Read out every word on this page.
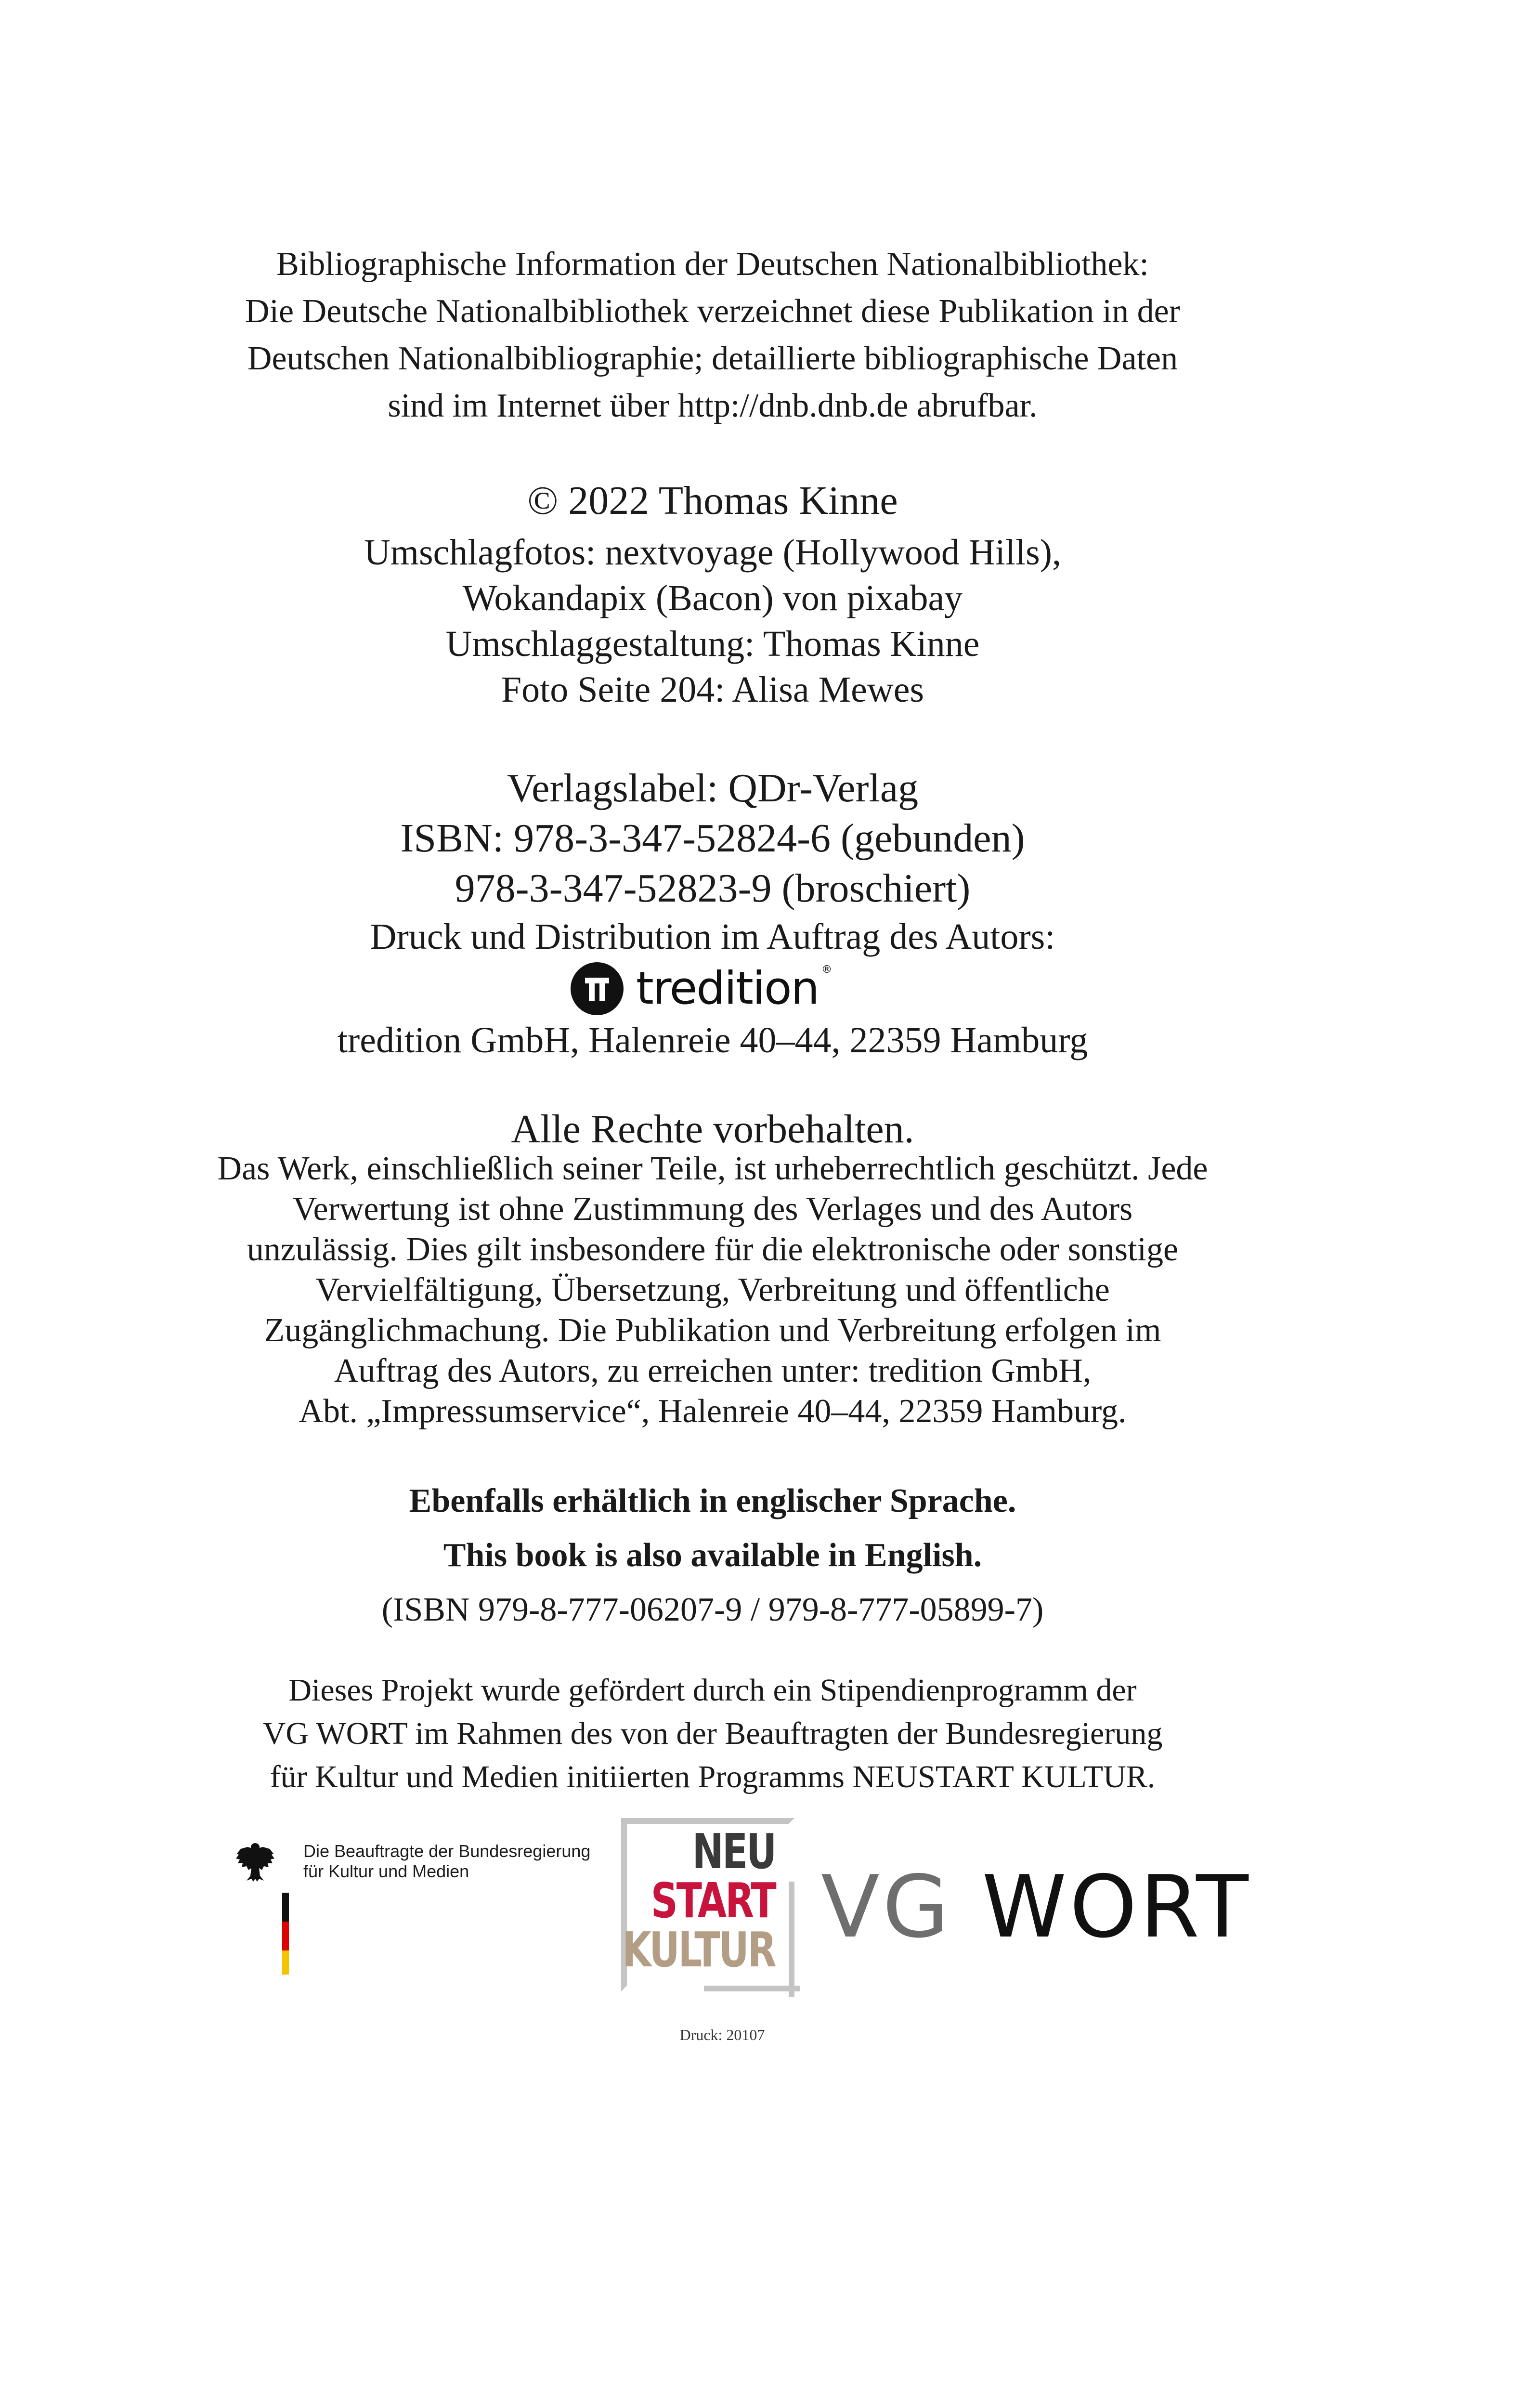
Bibliographische Information der Deutschen Nationalbibliothek:
Die Deutsche Nationalbibliothek verzeichnet diese Publikation in der
Deutschen Nationalbibliographie; detaillierte bibliographische Daten
sind im Internet über http://dnb.dnb.de abrufbar.
© 2022 Thomas Kinne
Umschlagfotos: nextvoyage (Hollywood Hills),
Wokandapix (Bacon) von pixabay
Umschlaggestaltung: Thomas Kinne
Foto Seite 204: Alisa Mewes
Verlagslabel: QDr-Verlag
ISBN: 978-3-347-52824-6 (gebunden)
978-3-347-52823-9 (broschiert)
Druck und Distribution im Auftrag des Autors:
tredition ®
tredition GmbH, Halenreie 40–44, 22359 Hamburg
Alle Rechte vorbehalten.
Das Werk, einschließlich seiner Teile, ist urheberrechtlich geschützt. Jede
Verwertung ist ohne Zustimmung des Verlages und des Autors
unzulässig. Dies gilt insbesondere für die elektronische oder sonstige
Vervielfältigung, Übersetzung, Verbreitung und öffentliche
Zugänglichmachung. Die Publikation und Verbreitung erfolgen im
Auftrag des Autors, zu erreichen unter: tredition GmbH,
Abt. „Impressumservice“, Halenreie 40–44, 22359 Hamburg.
Ebenfalls erhältlich in englischer Sprache.
This book is also available in English.
(ISBN 979-8-777-06207-9 / 979-8-777-05899-7)
Dieses Projekt wurde gefördert durch ein Stipendienprogramm der
VG WORT im Rahmen des von der Beauftragten der Bundesregierung
für Kultur und Medien initiierten Programms NEUSTART KULTUR.
Die Beauftragte der Bundesregierung
für Kultur und Medien	NEU
START
KULTUR VG WORT
Druck: 20107
